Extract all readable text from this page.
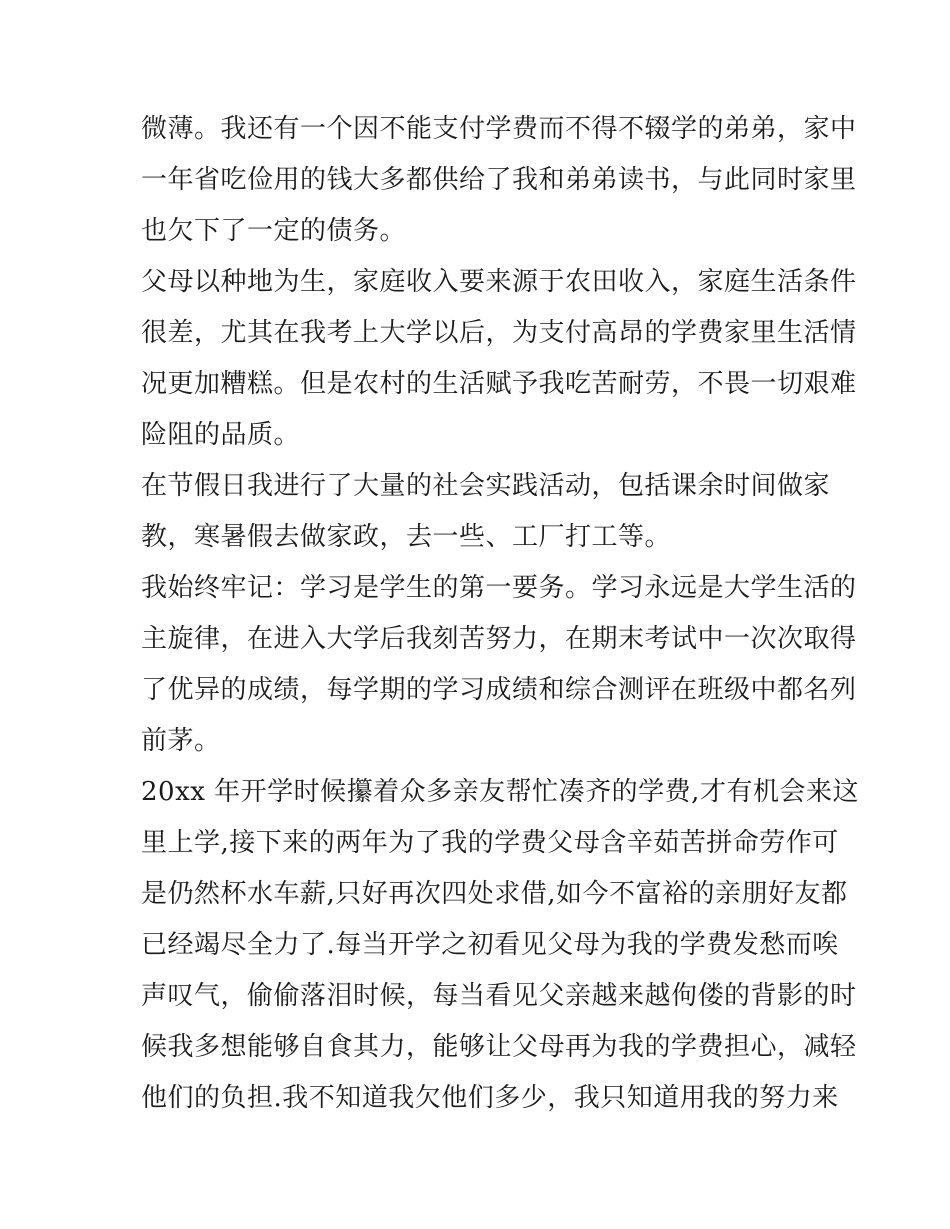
微薄。我还有一个因不能支付学费而不得不辍学的弟弟，家中
一年省吃俭用的钱大多都供给了我和弟弟读书，与此同时家里
也欠下了一定的债务。
父母以种地为生，家庭收入要来源于农田收入，家庭生活条件
很差，尤其在我考上大学以后，为支付高昂的学费家里生活情
况更加糟糕。但是农村的生活赋予我吃苦耐劳，不畏一切艰难
险阻的品质。
在节假日我进行了大量的社会实践活动，包括课余时间做家
教，寒暑假去做家政，去一些、工厂打工等。
我始终牢记：学习是学生的第一要务。学习永远是大学生活的
主旋律，在进入大学后我刻苦努力，在期末考试中一次次取得
了优异的成绩，每学期的学习成绩和综合测评在班级中都名列
前茅。
20xx 年开学时候攥着众多亲友帮忙凑齐的学费,才有机会来这
里上学,接下来的两年为了我的学费父母含辛茹苦拼命劳作可
是仍然杯水车薪,只好再次四处求借,如今不富裕的亲朋好友都
已经竭尽全力了.每当开学之初看见父母为我的学费发愁而唉
声叹气，偷偷落泪时候，每当看见父亲越来越佝偻的背影的时
候我多想能够自食其力，能够让父母再为我的学费担心，减轻
他们的负担.我不知道我欠他们多少，我只知道用我的努力来
